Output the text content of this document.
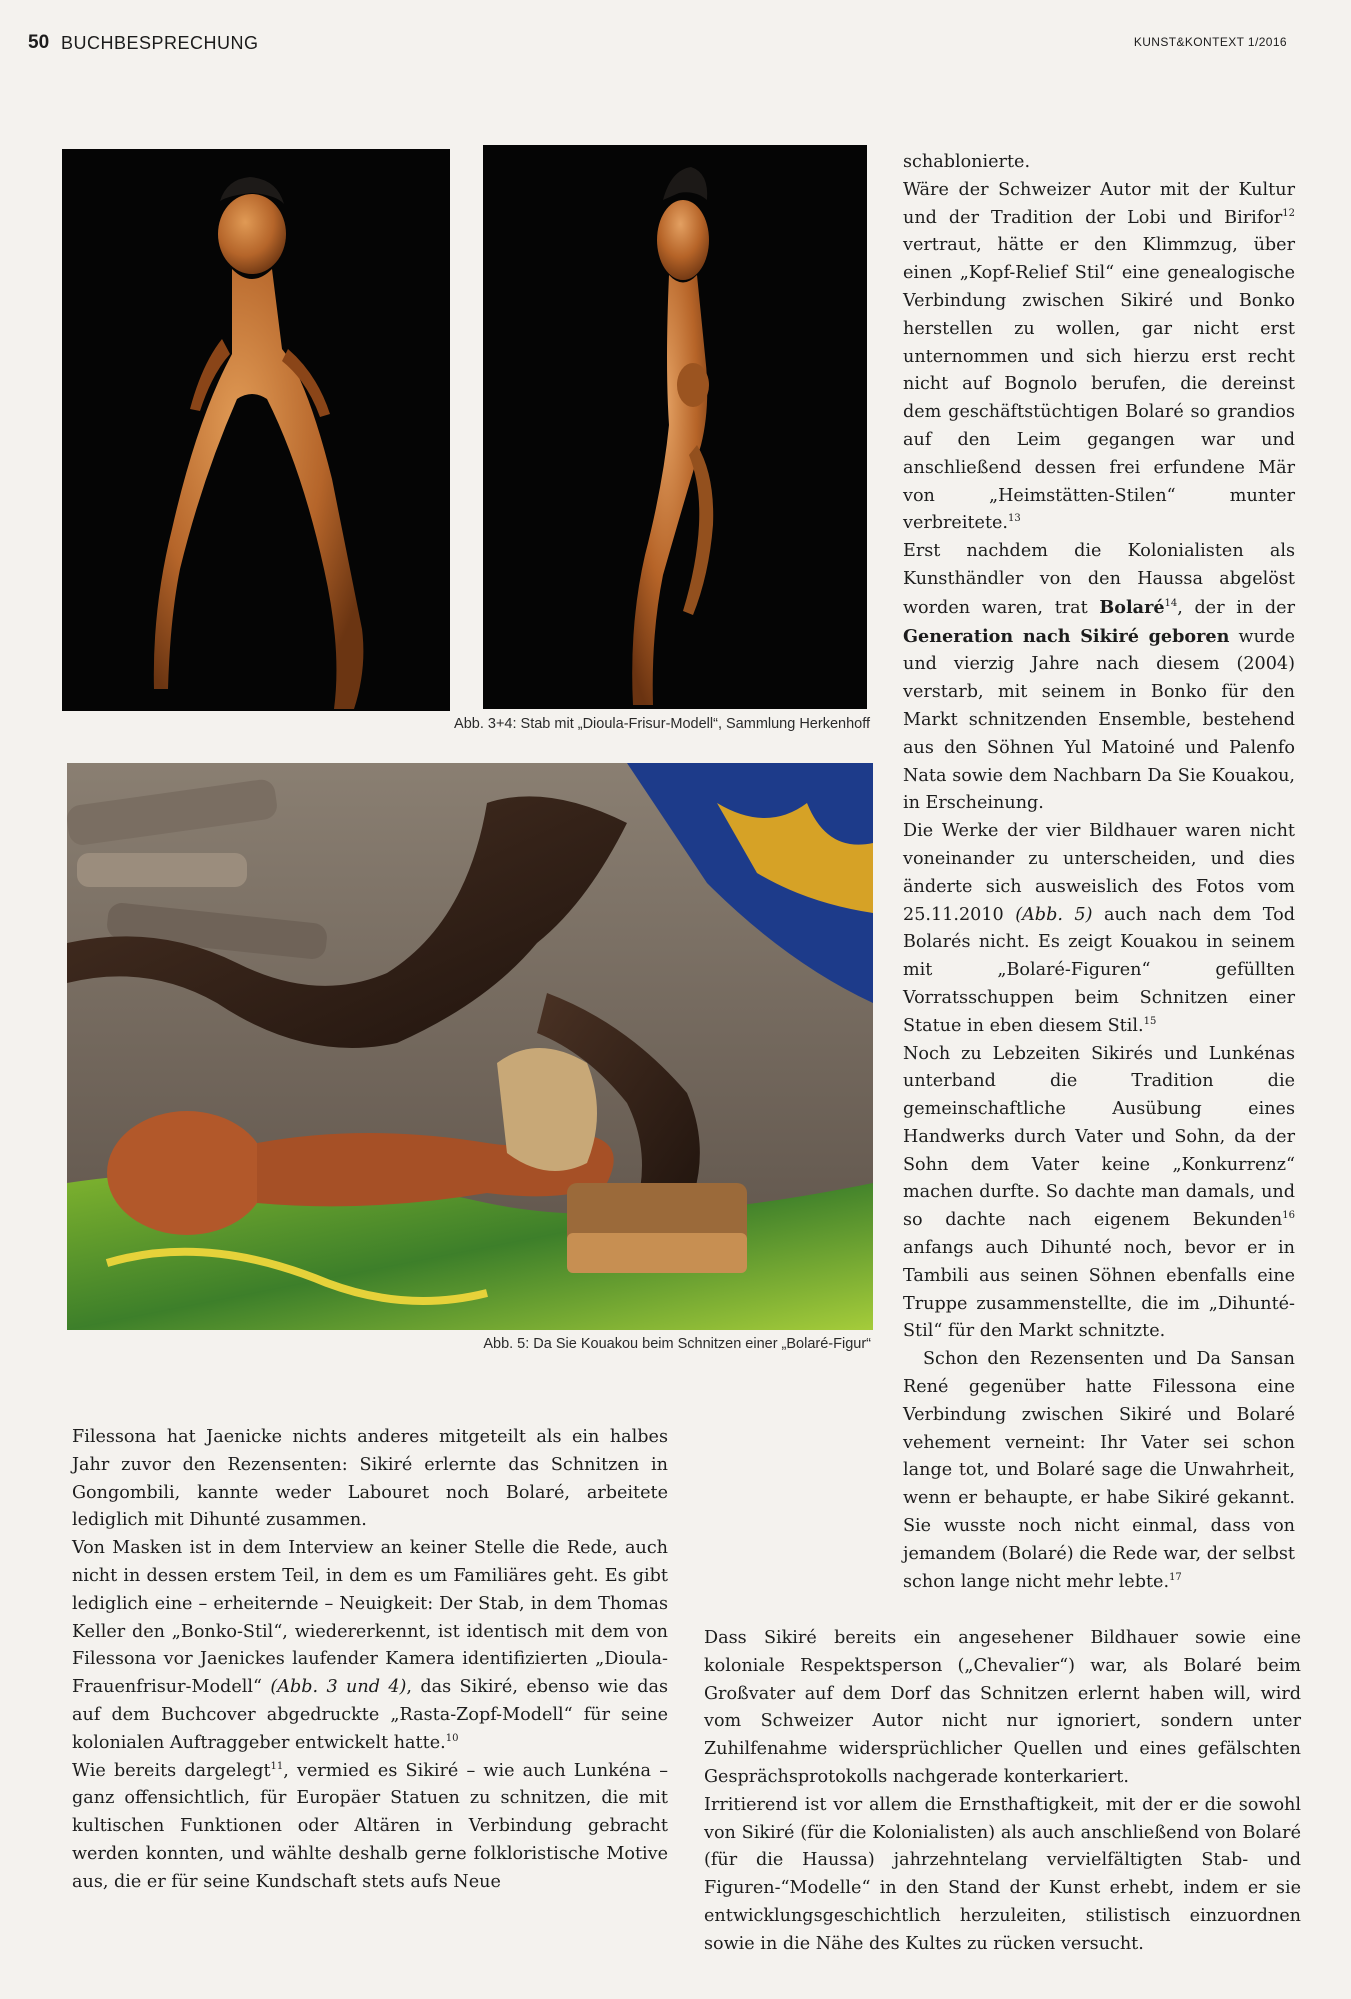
50 BUCHBESPRECHUNG	KUNST&KONTEXT 1/2016
Abb. 3+4: Stab mit „Dioula-Frisur-Modell“, Sammlung Herkenhoff
Abb. 5: Da Sie Kouakou beim Schnitzen einer „Bolaré-Figur“

schablonierte.

Wäre der Schweizer Autor mit der Kultur und der Tradition der Lobi und Birifor$^{12}$ vertraut, hätte er den Klimmzug, über einen „Kopf-Relief Stil“ eine genealogische Verbindung zwischen Sikiré und Bonko herstellen zu wollen, gar nicht erst unternommen und sich hierzu erst recht nicht auf Bognolo berufen, die dereinst dem geschäftstüchtigen Bolaré so grandios auf den Leim gegangen war und anschließend dessen frei erfundene Mär von „Heimstätten-Stilen“ munter verbreitete.$^{13}$

Erst nachdem die Kolonialisten als Kunsthändler von den Haussa abgelöst worden waren, trat Bolaré$^{14}$, der in der Generation nach Sikiré geboren wurde und vierzig Jahre nach diesem (2004) verstarb, mit seinem in Bonko für den Markt schnitzenden Ensemble, bestehend aus den Söhnen Yul Matoiné und Palenfo Nata sowie dem Nachbarn Da Sie Kouakou, in Erscheinung.

Die Werke der vier Bildhauer waren nicht voneinander zu unterscheiden, und dies änderte sich ausweislich des Fotos vom 25.11.2010 (Abb. 5) auch nach dem Tod Bolarés nicht. Es zeigt Kouakou in seinem mit „Bolaré-Figuren“ gefüllten Vorratsschuppen beim Schnitzen einer Statue in eben diesem Stil.$^{15}$

Noch zu Lebzeiten Sikirés und Lunkénas unterband die Tradition die gemeinschaftliche Ausübung eines Handwerks durch Vater und Sohn, da der Sohn dem Vater keine „Konkurrenz“ machen durfte. So dachte man damals, und so dachte nach eigenem Bekunden$^{16}$ anfangs auch Dihunté noch, bevor er in Tambili aus seinen Söhnen ebenfalls eine Truppe zusammenstellte, die im „Dihunté-Stil“ für den Markt schnitzte.

Schon den Rezensenten und Da Sansan René gegenüber hatte Filessona eine Verbindung zwischen Sikiré und Bolaré vehement verneint: Ihr Vater sei schon lange tot, und Bolaré sage die Unwahrheit, wenn er behaupte, er habe Sikiré gekannt. Sie wusste noch nicht einmal, dass von jemandem (Bolaré) die Rede war, der selbst schon lange nicht mehr lebte.$^{17}$

Filessona hat Jaenicke nichts anderes mitgeteilt als ein halbes Jahr zuvor den Rezensenten: Sikiré erlernte das Schnitzen in Gongombili, kannte weder Labouret noch Bolaré, arbeitete lediglich mit Dihunté zusammen.

Von Masken ist in dem Interview an keiner Stelle die Rede, auch nicht in dessen erstem Teil, in dem es um Familiäres geht. Es gibt lediglich eine – erheiternde – Neuigkeit: Der Stab, in dem Thomas Keller den „Bonko-Stil“, wiedererkennt, ist identisch mit dem von Filessona vor Jaenickes laufender Kamera identifizierten „Dioula-Frauenfrisur-Modell“ (Abb. 3 und 4), das Sikiré, ebenso wie das auf dem Buchcover abgedruckte „Rasta-Zopf-Modell“ für seine kolonialen Auftraggeber entwickelt hatte.$^{10}$

Wie bereits dargelegt$^{11}$, vermied es Sikiré – wie auch Lunkéna – ganz offensichtlich, für Europäer Statuen zu schnitzen, die mit kultischen Funktionen oder Altären in Verbindung gebracht werden konnten, und wählte deshalb gerne folkloristische Motive aus, die er für seine Kundschaft stets aufs Neue

Dass Sikiré bereits ein angesehener Bildhauer sowie eine koloniale Respektsperson („Chevalier“) war, als Bolaré beim Großvater auf dem Dorf das Schnitzen erlernt haben will, wird vom Schweizer Autor nicht nur ignoriert, sondern unter Zuhilfenahme widersprüchlicher Quellen und eines gefälschten Gesprächsprotokolls nachgerade konterkariert.

Irritierend ist vor allem die Ernsthaftigkeit, mit der er die sowohl von Sikiré (für die Kolonialisten) als auch anschließend von Bolaré (für die Haussa) jahrzehntelang vervielfältigten Stab- und Figuren-“Modelle“ in den Stand der Kunst erhebt, indem er sie entwicklungsgeschichtlich herzuleiten, stilistisch einzuordnen sowie in die Nähe des Kultes zu rücken versucht.
